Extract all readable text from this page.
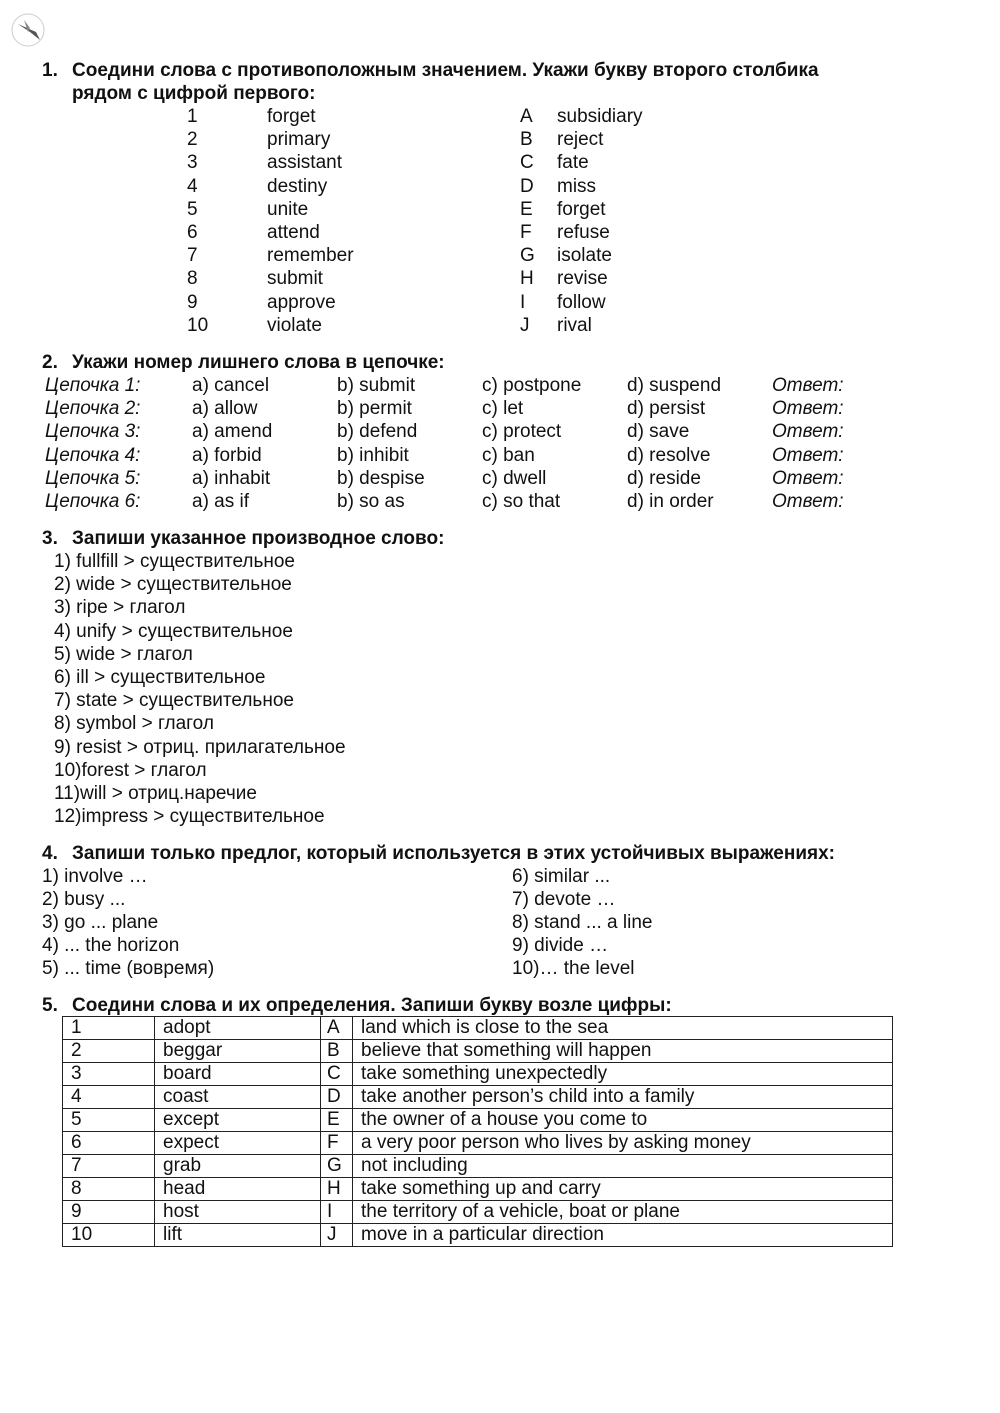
1. Соедини слова с противоположным значением. Укажи букву второго столбика
рядом с цифрой первого:
1	forget	A subsidiary
2	primary	B reject
3	assistant	C fate
4	destiny	D miss
5	unite	E forget
6	attend	F refuse
7	remember	G isolate
8	submit	H revise
9	approve	I follow
10	violate	J rival
2. Укажи номер лишнего слова в цепочке:
Цепочка 1:	a) cancel	b) submit	c) postpone d) suspend	Ответ:
Цепочка 2:	a) allow	b) permit	c) let	d) persist	Ответ:
Цепочка 3:	a) amend	b) defend	c) protect	d) save	Ответ:
Цепочка 4:	a) forbid	b) inhibit	c) ban	d) resolve	Ответ:
Цепочка 5:	a) inhabit	b) despise	c) dwell	d) reside	Ответ:
Цепочка 6:	a) as if	b) so as	c) so that	d) in order	Ответ:
3. Запиши указанное производное слово:
1) fullfill > существительное
2) wide > существительное
3) ripe > глагол
4) unify > существительное
5) wide > глагол
6) ill > существительное
7) state > существительное
8) symbol > глагол
9) resist > отриц. прилагательное
10)forest > глагол
11)will > отриц.наречие
12)impress > существительное
4. Запиши только предлог, который используется в этих устойчивых выражениях:
1) involve …	6) similar ...
2) busy ...	7) devote …
3) go ... plane	8) stand ... a line
4) ... the horizon	9) divide …
5) ... time (вовремя)	10)… the level
5. Соедини слова и их определения. Запиши букву возле цифры:
1	adopt	A	land which is close to the sea
2	beggar	B	believe that something will happen
3	board	C	take something unexpectedly
4	coast	D	take another person’s child into a family
5	except	E	the owner of a house you come to
6	expect	F	a very poor person who lives by asking money
7	grab	G	not including
8	head	H	take something up and carry
9	host	I	the territory of a vehicle, boat or plane
10	lift	J	move in a particular direction
